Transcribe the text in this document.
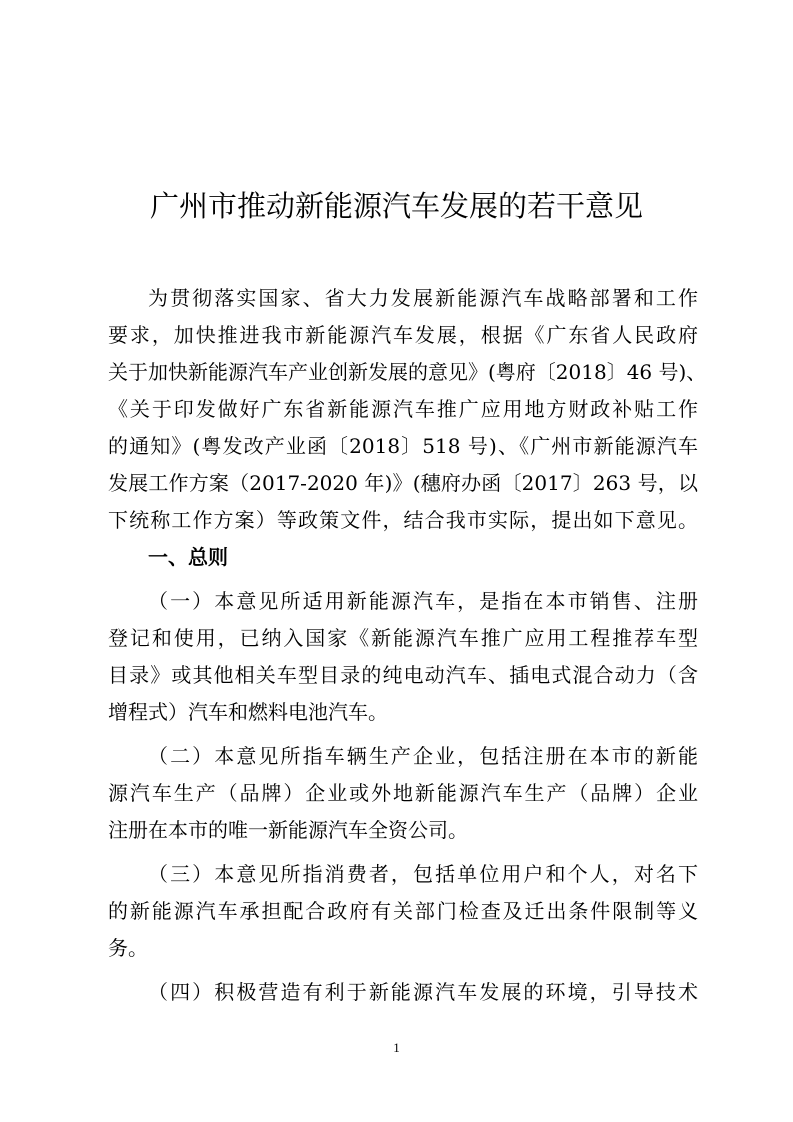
广州市推动新能源汽车发展的若干意见
为贯彻落实国家、省大力发展新能源汽车战略部署和工作
要求，加快推进我市新能源汽车发展，根据《广东省人民政府
关于加快新能源汽车产业创新发展的意见》(粤府〔2018〕46 号)、
《关于印发做好广东省新能源汽车推广应用地方财政补贴工作
的通知》(粤发改产业函〔2018〕518 号)、《广州市新能源汽车
发展工作方案（2017-2020 年)》(穗府办函〔2017〕263 号，以
下统称工作方案）等政策文件，结合我市实际，提出如下意见。
一、总则
（一）本意见所适用新能源汽车，是指在本市销售、注册
登记和使用，已纳入国家《新能源汽车推广应用工程推荐车型
目录》或其他相关车型目录的纯电动汽车、插电式混合动力（含
增程式）汽车和燃料电池汽车。
（二）本意见所指车辆生产企业，包括注册在本市的新能
源汽车生产（品牌）企业或外地新能源汽车生产（品牌）企业
注册在本市的唯一新能源汽车全资公司。
（三）本意见所指消费者，包括单位用户和个人，对名下
的新能源汽车承担配合政府有关部门检查及迁出条件限制等义
务。
（四）积极营造有利于新能源汽车发展的环境，引导技术
1
